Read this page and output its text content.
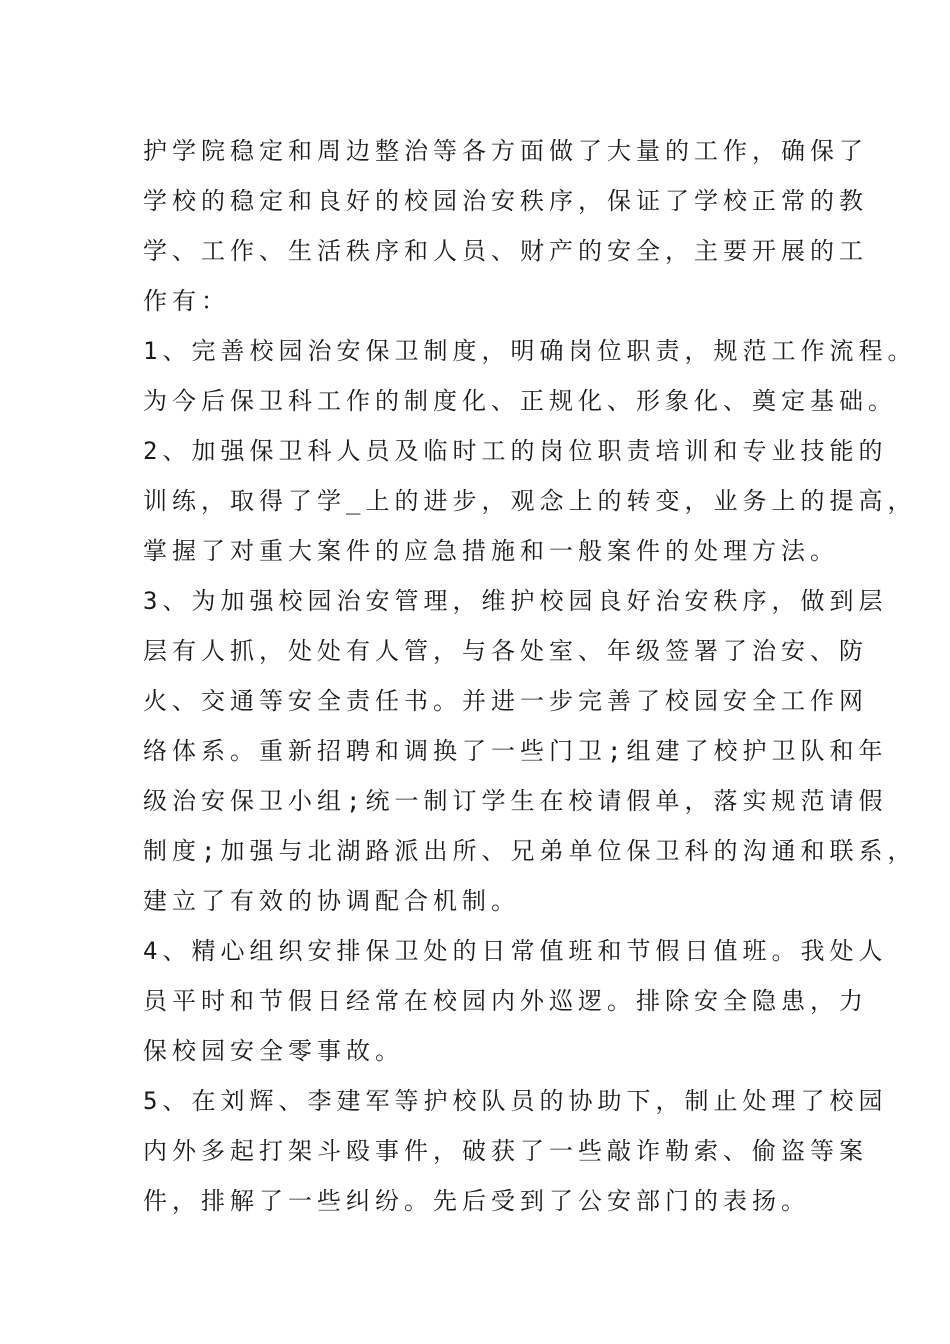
护学院稳定和周边整治等各方面做了大量的工作，确保了
学校的稳定和良好的校园治安秩序，保证了学校正常的教
学、工作、生活秩序和人员、财产的安全，主要开展的工
作有：
1、完善校园治安保卫制度，明确岗位职责，规范工作流程。
为今后保卫科工作的制度化、正规化、形象化、奠定基础。
2、加强保卫科人员及临时工的岗位职责培训和专业技能的
训练，取得了学_上的进步，观念上的转变，业务上的提高，
掌握了对重大案件的应急措施和一般案件的处理方法。
3、为加强校园治安管理，维护校园良好治安秩序，做到层
层有人抓，处处有人管，与各处室、年级签署了治安、防
火、交通等安全责任书。并进一步完善了校园安全工作网
络体系。重新招聘和调换了一些门卫;组建了校护卫队和年
级治安保卫小组;统一制订学生在校请假单，落实规范请假
制度;加强与北湖路派出所、兄弟单位保卫科的沟通和联系，
建立了有效的协调配合机制。
4、精心组织安排保卫处的日常值班和节假日值班。我处人
员平时和节假日经常在校园内外巡逻。排除安全隐患，力
保校园安全零事故。
5、在刘辉、李建军等护校队员的协助下，制止处理了校园
内外多起打架斗殴事件，破获了一些敲诈勒索、偷盗等案
件，排解了一些纠纷。先后受到了公安部门的表扬。
